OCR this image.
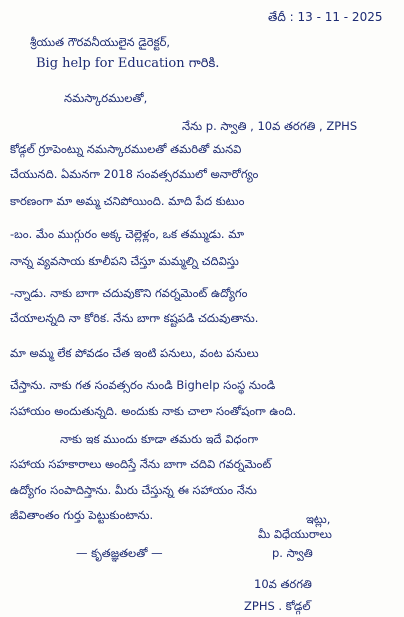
తేదీ : 13 - 11 - 2025
శ్రీయుత గౌరవనీయులైన డైరెక్టర్,
Big help for Education గారికి.
నమస్కారములతో,
నేను p. స్వాతి , 10వ తరగతి , ZPHS
కోడ్గల్ గ్రూపెంట్ను నమస్కారములతో తమరితో మనవి
చేయునది. ఏమనగా 2018 సంవత్సరములో అనారోగ్యం
కారణంగా మా అమ్మ చనిపోయింది. మాది పేద కుటుం
-బం. మేం ముగ్గురం అక్క చెల్లెళ్లం, ఒక తమ్ముడు. మా
నాన్న వ్యవసాయ కూలీపని చేస్తూ మమ్మల్ని చదివిస్తు
-న్నాడు. నాకు బాగా చదువుకొని గవర్నమెంట్ ఉద్యోగం
చేయాలన్నది నా కోరిక. నేను బాగా కష్టపడి చదువుతాను.
మా అమ్మ లేక పోవడం చేత ఇంటి పనులు, వంట పనులు
చేస్తాను. నాకు గత సంవత్సరం నుండి Bighelp సంస్థ నుండి
సహాయం అందుతున్నది. అందుకు నాకు చాలా సంతోషంగా ఉంది.
నాకు ఇక ముందు కూడా తమరు ఇదే విధంగా
సహాయ సహకారాలు అందిస్తే నేను బాగా చదివి గవర్నమెంట్
ఉద్యోగం సంపాదిస్తాను. మీరు చేస్తున్న ఈ సహాయం నేను
జీవితాంతం గుర్తు పెట్టుకుంటాను.	ఇట్లు,
మీ విధేయురాలు
— కృతజ్ఞతలతో —	p. స్వాతి
10వ తరగతి
ZPHS . కోడ్గల్
